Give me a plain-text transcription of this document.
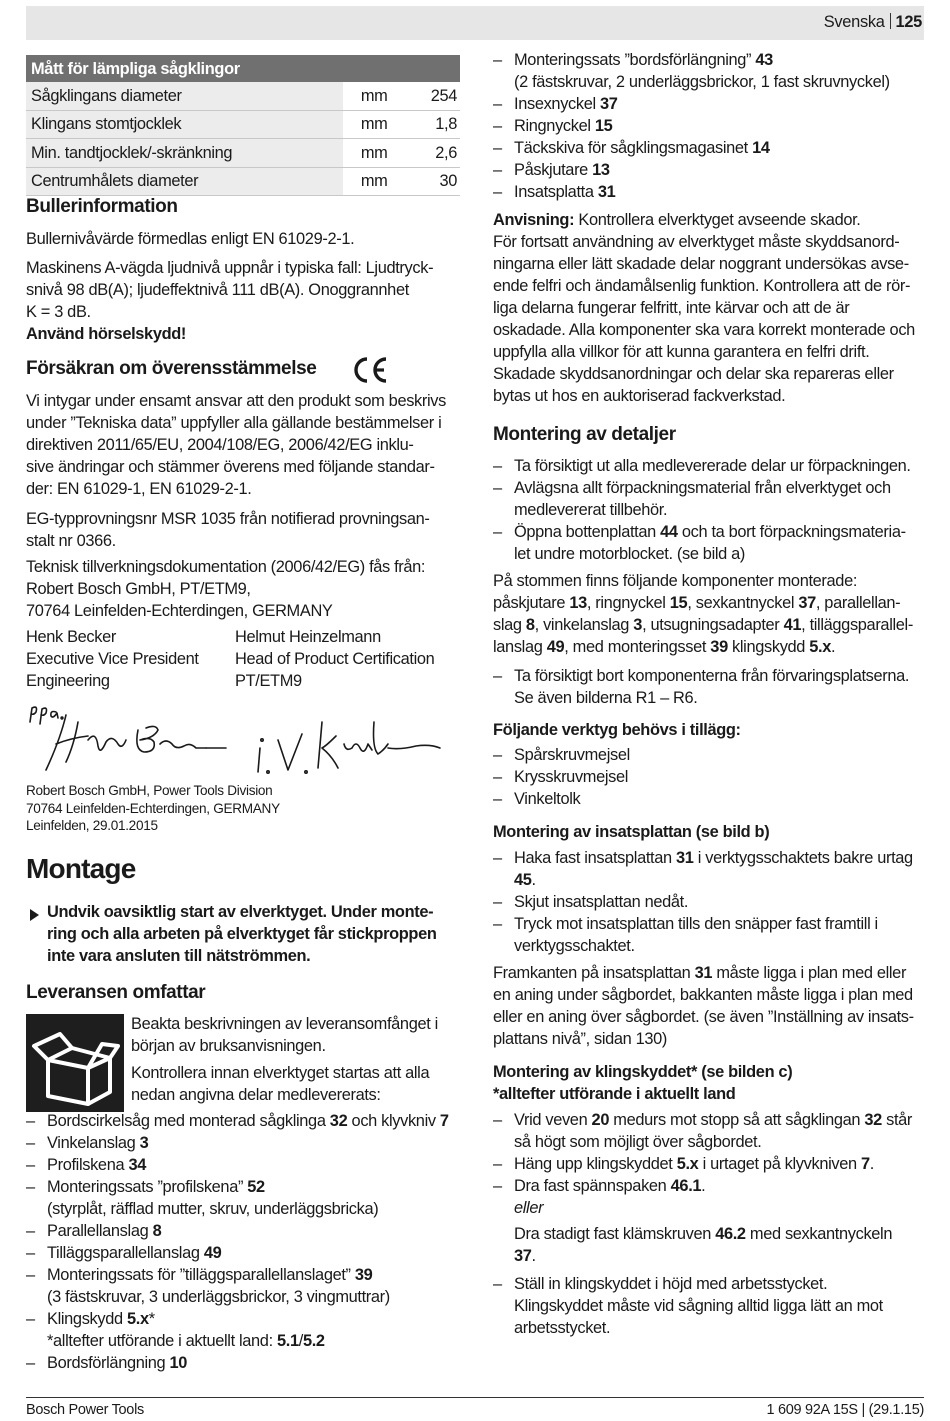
Svenska 125
Mått för lämpliga sågklingor		
Sågklingans diameter	mm	254
Klingans stomtjocklek	mm	1,8
Min. tandtjocklek/-skränkning	mm	2,6
Centrumhålets diameter	mm	30
Bullerinformation
Bullernivåvärde förmedlas enligt EN 61029-2-1.
Maskinens A-vägda ljudnivå uppnår i typiska fall: Ljudtryck-
snivå 98 dB(A); ljudeffektnivå 111 dB(A). Onoggrannhet
K = 3 dB.
Använd hörselskydd!
Försäkran om överensstämmelse
Vi intygar under ensamt ansvar att den produkt som beskrivs
under ”Tekniska data” uppfyller alla gällande bestämmelser i
direktiven 2011/65/EU, 2004/108/EG, 2006/42/EG inklu-
sive ändringar och stämmer överens med följande standar-
der: EN 61029-1, EN 61029-2-1.
EG-typprovningsnr MSR 1035 från notifierad provningsan-
stalt nr 0366.
Teknisk tillverkningsdokumentation (2006/42/EG) fås från:
Robert Bosch GmbH, PT/ETM9,
70764 Leinfelden-Echterdingen, GERMANY
Henk Becker
Executive Vice President
Engineering
Helmut Heinzelmann
Head of Product Certification
PT/ETM9
Robert Bosch GmbH, Power Tools Division
70764 Leinfelden-Echterdingen, GERMANY
Leinfelden, 29.01.2015
Montage
Undvik oavsiktlig start av elverktyget. Under monte-
ring och alla arbeten på elverktyget får stickproppen
inte vara ansluten till nätströmmen.
Leveransen omfattar
Beakta beskrivningen av leveransomfånget i
början av bruksanvisningen.
Kontrollera innan elverktyget startas att alla
nedan angivna delar medlevererats:
– Bordscirkelsåg med monterad sågklinga 32 och klyvkniv 7
– Vinkelanslag 3
– Profilskena 34
– Monteringssats ”profilskena” 52
(styrplåt, räfflad mutter, skruv, underläggsbricka)
– Parallellanslag 8
– Tilläggsparallellanslag 49
– Monteringssats för ”tilläggsparallellanslaget” 39
(3 fästskruvar, 3 underläggsbrickor, 3 vingmuttrar)
– Klingskydd 5.x*
*alltefter utförande i aktuellt land: 5.1/5.2
– Bordsförlängning 10
– Monteringssats ”bordsförlängning” 43
(2 fästskruvar, 2 underläggsbrickor, 1 fast skruvnyckel)
– Insexnyckel 37
– Ringnyckel 15
– Täckskiva för sågklingsmagasinet 14
– Påskjutare 13
– Insatsplatta 31
Anvisning: Kontrollera elverktyget avseende skador.
För fortsatt användning av elverktyget måste skyddsanord-
ningarna eller lätt skadade delar noggrant undersökas avse-
ende felfri och ändamålsenlig funktion. Kontrollera att de rör-
liga delarna fungerar felfritt, inte kärvar och att de är
oskadade. Alla komponenter ska vara korrekt monterade och
uppfylla alla villkor för att kunna garantera en felfri drift.
Skadade skyddsanordningar och delar ska repareras eller
bytas ut hos en auktoriserad fackverkstad.
Montering av detaljer
– Ta försiktigt ut alla medlevererade delar ur förpackningen.
– Avlägsna allt förpackningsmaterial från elverktyget och
medlevererat tillbehör.
– Öppna bottenplattan 44 och ta bort förpackningsmateria-
let undre motorblocket. (se bild a)
På stommen finns följande komponenter monterade:
påskjutare 13, ringnyckel 15, sexkantnyckel 37, parallellan-
slag 8, vinkelanslag 3, utsugningsadapter 41, tilläggsparallel-
lanslag 49, med monteringsset 39 klingskydd 5.x.
– Ta försiktigt bort komponenterna från förvaringsplatserna.
Se även bilderna R1 – R6.
Följande verktyg behövs i tillägg:
– Spårskruvmejsel
– Krysskruvmejsel
– Vinkeltolk
Montering av insatsplattan (se bild b)
– Haka fast insatsplattan 31 i verktygsschaktets bakre urtag
45.
– Skjut insatsplattan nedåt.
– Tryck mot insatsplattan tills den snäpper fast framtill i
verktygsschaktet.
Framkanten på insatsplattan 31 måste ligga i plan med eller
en aning under sågbordet, bakkanten måste ligga i plan med
eller en aning över sågbordet. (se även ”Inställning av insats-
plattans nivå”, sidan 130)
Montering av klingskyddet* (se bilden c)
*alltefter utförande i aktuellt land
– Vrid veven 20 medurs mot stopp så att sågklingan 32 står
så högt som möjligt över sågbordet.
– Häng upp klingskyddet 5.x i urtaget på klyvkniven 7.
– Dra fast spännspaken 46.1.
eller
Dra stadigt fast klämskruven 46.2 med sexkantnyckeln
37.
– Ställ in klingskyddet i höjd med arbetsstycket.
Klingskyddet måste vid sågning alltid ligga lätt an mot
arbetsstycket.
Bosch Power Tools	1 609 92A 15S | (29.1.15)
